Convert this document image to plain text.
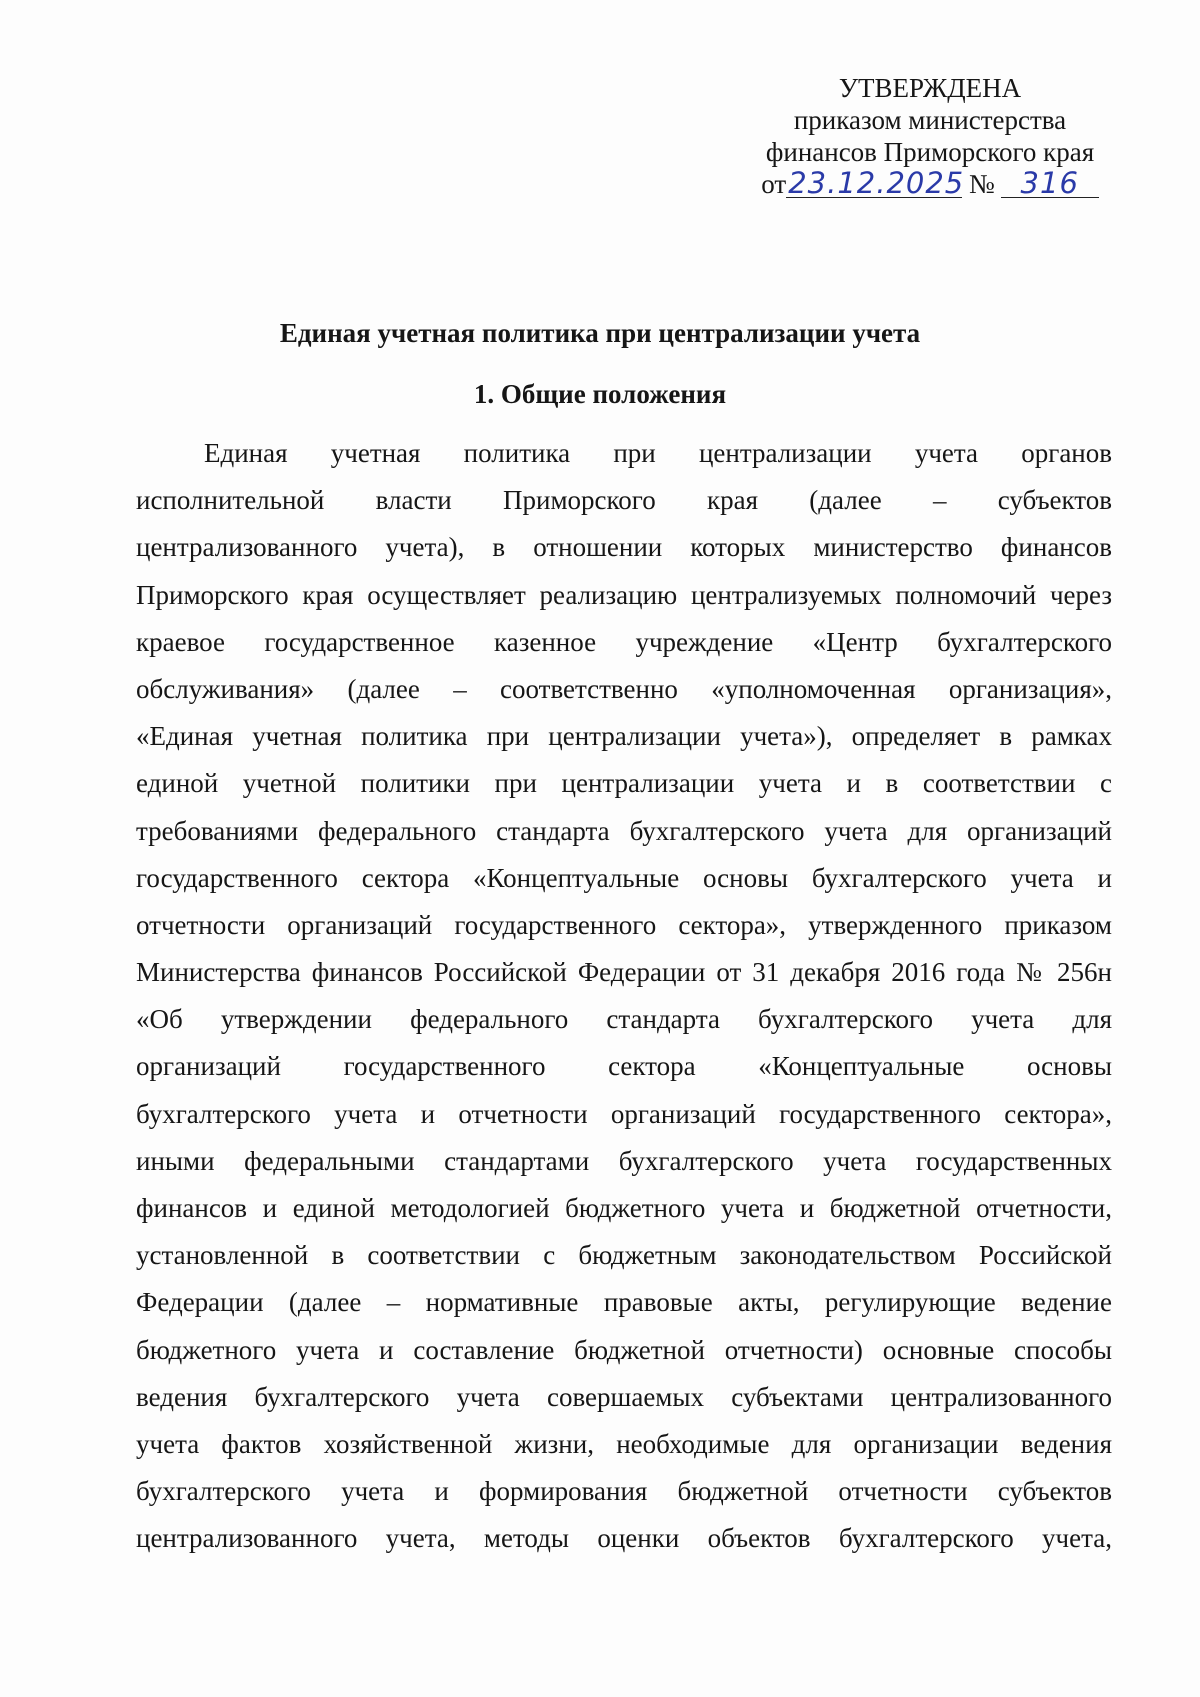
УТВЕРЖДЕНА
приказом министерства
финансов Приморского края
от23.12.2025 № 316
Единая учетная политика при централизации учета
1. Общие положения
Единая учетная политика при централизации учета органов
исполнительной власти Приморского края (далее – субъектов
централизованного учета), в отношении которых министерство финансов
Приморского края осуществляет реализацию централизуемых полномочий через
краевое государственное казенное учреждение «Центр бухгалтерского
обслуживания» (далее – соответственно «уполномоченная организация»,
«Единая учетная политика при централизации учета»), определяет в рамках
единой учетной политики при централизации учета и в соответствии с
требованиями федерального стандарта бухгалтерского учета для организаций
государственного сектора «Концептуальные основы бухгалтерского учета и
отчетности организаций государственного сектора», утвержденного приказом
Министерства финансов Российской Федерации от 31 декабря 2016 года № 256н
«Об утверждении федерального стандарта бухгалтерского учета для
организаций государственного сектора «Концептуальные основы
бухгалтерского учета и отчетности организаций государственного сектора»,
иными федеральными стандартами бухгалтерского учета государственных
финансов и единой методологией бюджетного учета и бюджетной отчетности,
установленной в соответствии с бюджетным законодательством Российской
Федерации (далее – нормативные правовые акты, регулирующие ведение
бюджетного учета и составление бюджетной отчетности) основные способы
ведения бухгалтерского учета совершаемых субъектами централизованного
учета фактов хозяйственной жизни, необходимые для организации ведения
бухгалтерского учета и формирования бюджетной отчетности субъектов
централизованного учета, методы оценки объектов бухгалтерского учета,
